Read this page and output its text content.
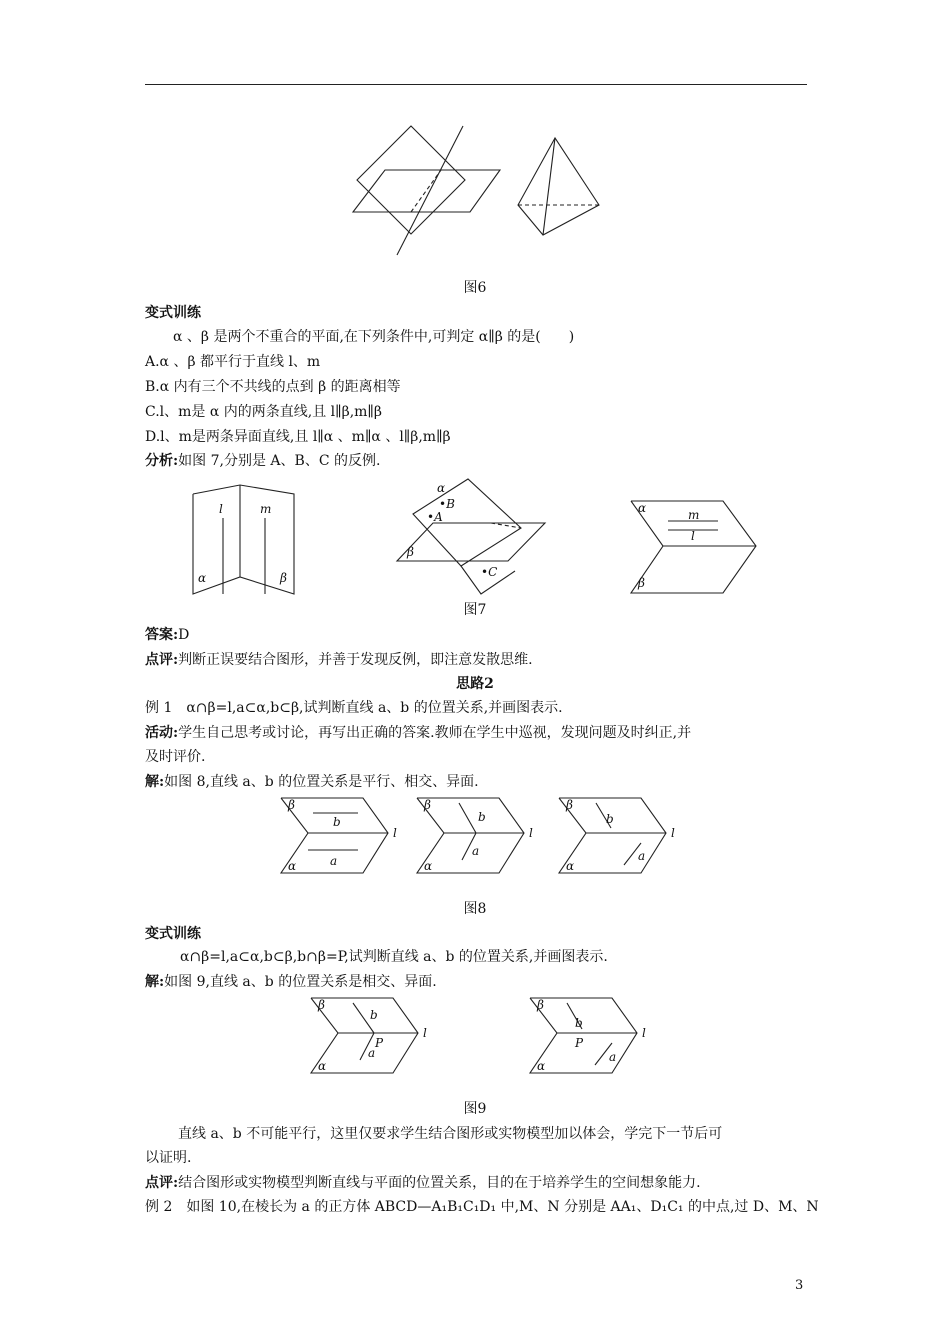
图6
变式训练
α 、β 是两个不重合的平面,在下列条件中,可判定 α∥β 的是(　　)
A.α 、β 都平行于直线 l、m
B.α 内有三个不共线的点到 β 的距离相等
C.l、m是 α 内的两条直线,且 l∥β,m∥β
D.l、m是两条异面直线,且 l∥α 、m∥α 、l∥β,m∥β
分析:如图 7,分别是 A、B、C 的反例.
l	m
α	β
α
•B
•A
β
•C
α	m
l
β
图7
答案:D
点评:判断正误要结合图形，并善于发现反例，即注意发散思维.
思路2
例 1　α∩β=l,a⊂α,b⊂β,试判断直线 a、b 的位置关系,并画图表示.
活动:学生自己思考或讨论，再写出正确的答案.教师在学生中巡视，发现问题及时纠正,并
及时评价.
解:如图 8,直线 a、b 的位置关系是平行、相交、异面.
β
b
a
α
l
β
b
a
α
l
β
b
a
α
l
图8
变式训练
α∩β=l,a⊂α,b⊂β,b∩β=P,试判断直线 a、b 的位置关系,并画图表示.
解:如图 9,直线 a、b 的位置关系是相交、异面.
β
b
P
a
α
l
β
b
P
a
α
l
图9
直线 a、b 不可能平行，这里仅要求学生结合图形或实物模型加以体会，学完下一节后可
以证明.
点评:结合图形或实物模型判断直线与平面的位置关系，目的在于培养学生的空间想象能力.
例 2　如图 10,在棱长为 a 的正方体 ABCD—A₁B₁C₁D₁ 中,M、N 分别是 AA₁、D₁C₁ 的中点,过 D、M、N
3
